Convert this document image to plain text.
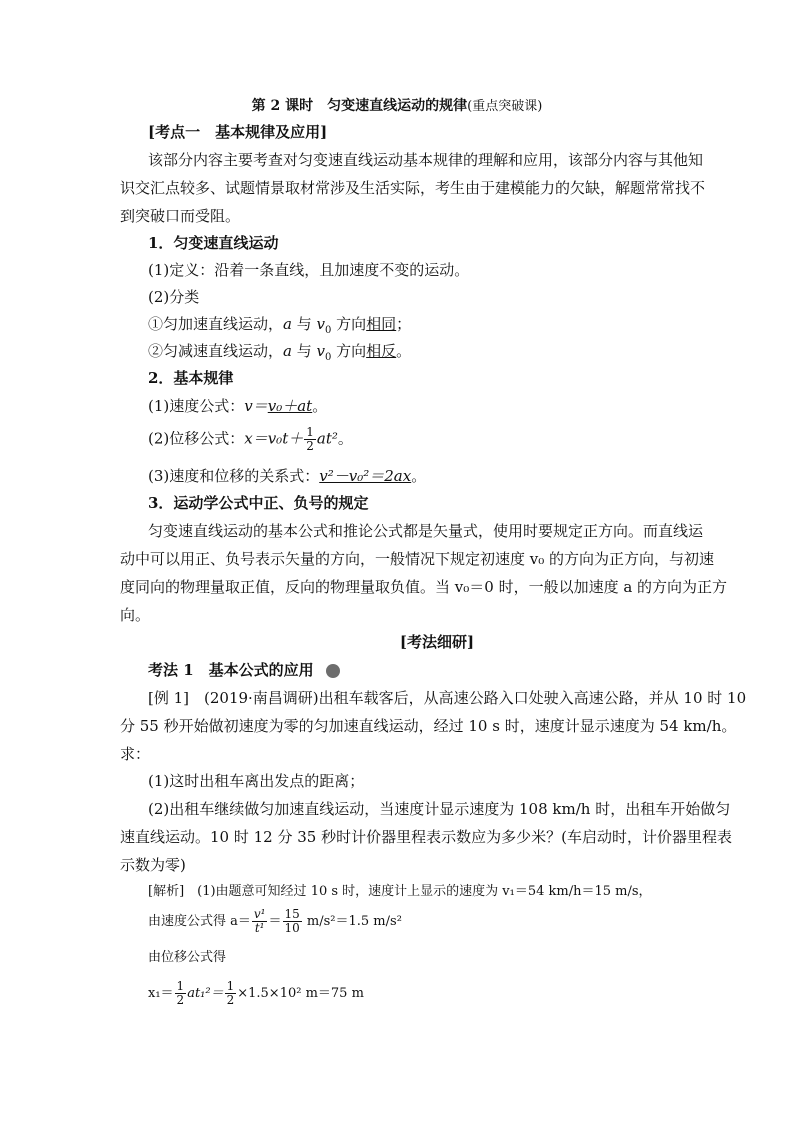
第 2 课时　匀变速直线运动的规律(重点突破课)
[考点一　基本规律及应用]
该部分内容主要考查对匀变速直线运动基本规律的理解和应用，该部分内容与其他知
识交汇点较多、试题情景取材常涉及生活实际，考生由于建模能力的欠缺，解题常常找不
到突破口而受阻。
1．匀变速直线运动
(1)定义：沿着一条直线，且加速度不变的运动。
(2)分类
①匀加速直线运动，a 与 $v_0$ 方向相同；
②匀减速直线运动，a 与 $v_0$ 方向相反。
2．基本规律
(1)速度公式：v＝v₀＋at。
(2)位移公式：$x=v_0t+ \frac{1}{2} at^2$。
(3)速度和位移的关系式：v²－v₀²＝2ax。
3．运动学公式中正、负号的规定
匀变速直线运动的基本公式和推论公式都是矢量式，使用时要规定正方向。而直线运
动中可以用正、负号表示矢量的方向，一般情况下规定初速度 v₀ 的方向为正方向，与初速
度同向的物理量取正值，反向的物理量取负值。当 v₀＝0 时，一般以加速度 a 的方向为正方
向。
[考法细研]
考法 1　基本公式的应用
[例 1]　(2019·南昌调研)出租车载客后，从高速公路入口处驶入高速公路，并从 10 时 10
分 55 秒开始做初速度为零的匀加速直线运动，经过 10 s 时，速度计显示速度为 54 km/h。
求：
(1)这时出租车离出发点的距离；
(2)出租车继续做匀加速直线运动，当速度计显示速度为 108 km/h 时，出租车开始做匀
速直线运动。10 时 12 分 35 秒时计价器里程表示数应为多少米？(车启动时，计价器里程表
示数为零)
[解析]　(1)由题意可知经过 10 s 时，速度计上显示的速度为 v₁＝54 km/h＝15 m/s，
由速度公式得 $a= \frac{\text{v¹}}{\text{t¹}} = \frac{15}{10} m/s^2=1.5$ m/s²
由位移公式得
$x_1= \frac{1}{2} at_1^2= \frac{1}{2} \times 1.5\times 10^2$ m＝75 m
